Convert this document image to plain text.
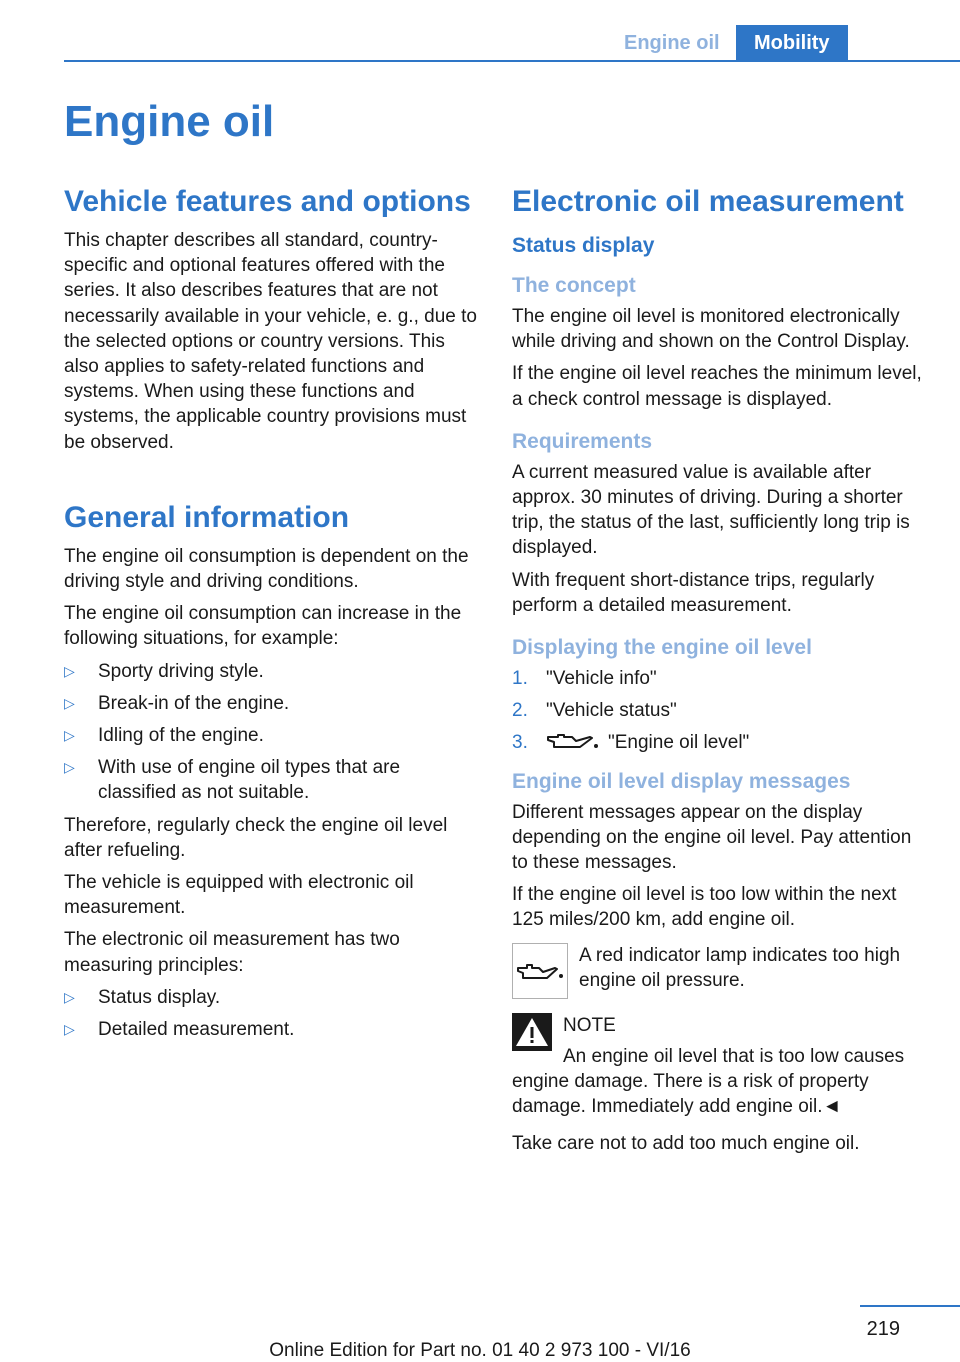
Engine oil	Mobility
Engine oil
Vehicle features and options

This chapter describes all standard, country-specific and optional features offered with the series. It also describes features that are not necessarily available in your vehicle, e. g., due to the selected options or country versions. This also applies to safety-related functions and systems. When using these functions and systems, the applicable country provisions must be observed.

General information

The engine oil consumption is dependent on the driving style and driving conditions.

The engine oil consumption can increase in the following situations, for example:

▷ Sporty driving style.
▷ Break-in of the engine.
▷ Idling of the engine.
▷ With use of engine oil types that are classified as not suitable.

Therefore, regularly check the engine oil level after refueling.

The vehicle is equipped with electronic oil measurement.

The electronic oil measurement has two measuring principles:

▷ Status display.
▷ Detailed measurement.
Electronic oil measurement
Status display
The concept

The engine oil level is monitored electronically while driving and shown on the Control Display.

If the engine oil level reaches the minimum level, a check control message is displayed.

Requirements

A current measured value is available after approx. 30 minutes of driving. During a shorter trip, the status of the last, sufficiently long trip is displayed.

With frequent short-distance trips, regularly perform a detailed measurement.

Displaying the engine oil level
1. "Vehicle info"
2. "Vehicle status"
3.	"Engine oil level"
Engine oil level display messages

Different messages appear on the display depending on the engine oil level. Pay attention to these messages.

If the engine oil level is too low within the next 125 miles/200 km, add engine oil.

A red indicator lamp indicates too high engine oil pressure.

NOTE

An engine oil level that is too low causes

engine damage. There is a risk of property damage. Immediately add engine oil.◄

Take care not to add too much engine oil.

219
Online Edition for Part no. 01 40 2 973 100 - VI/16
